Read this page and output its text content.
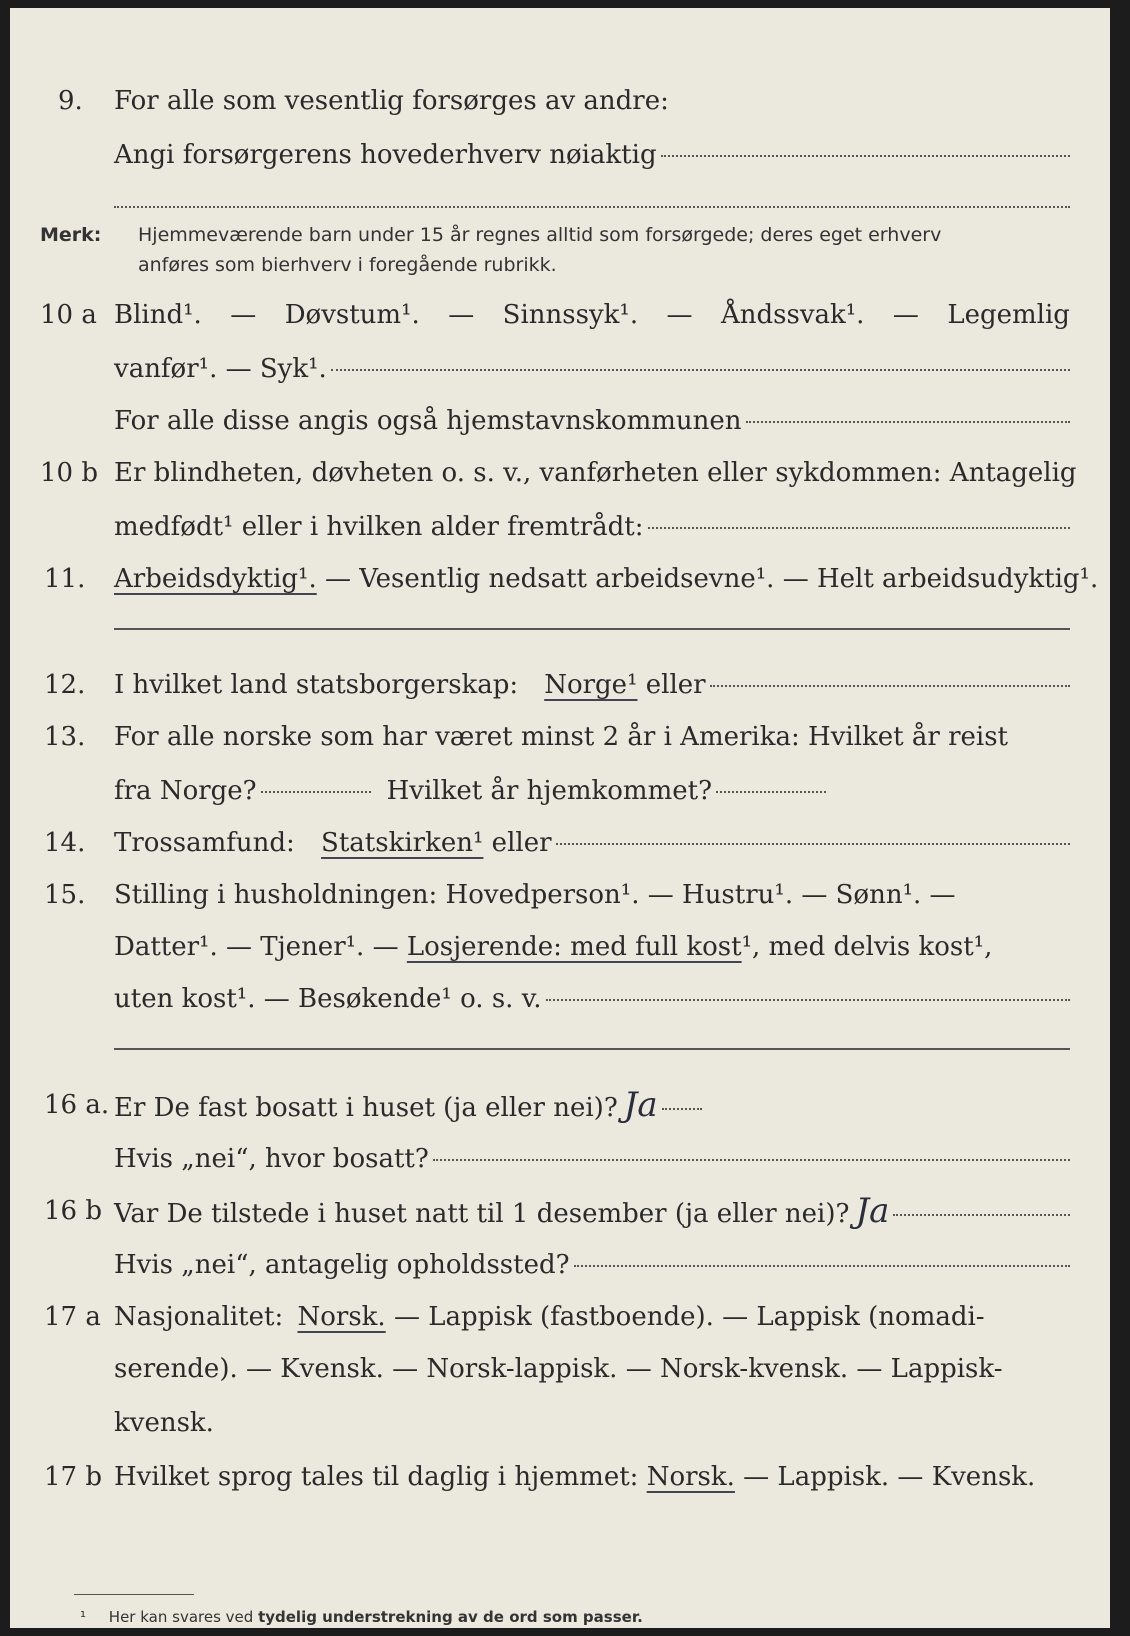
9.	For alle som vesentlig forsørges av andre:
Angi forsørgerens hovederhverv nøiaktig
Merk: Hjemmeværende barn under 15 år regnes alltid som forsørgede; deres eget erhverv
anføres som bierhverv i foregående rubrikk.
10 a Blind¹. — Døvstum¹. — Sinnssyk¹. — Åndssvak¹. — Legemlig
vanfør¹. — Syk¹.
For alle disse angis også hjemstavnskommunen
10 b Er blindheten, døvheten o. s. v., vanførheten eller sykdommen: Antagelig
medfødt¹ eller i hvilken alder fremtrådt:
11.	Arbeidsdyktig¹. — Vesentlig nedsatt arbeidsevne¹. — Helt arbeidsudyktig¹.
12.	I hvilket land statsborgerskap: Norge¹ eller
13.	For alle norske som har været minst 2 år i Amerika: Hvilket år reist
fra Norge?	Hvilket år hjemkommet?
14.	Trossamfund: Statskirken¹ eller
15.	Stilling i husholdningen: Hovedperson¹. — Hustru¹. — Sønn¹. —
Datter¹. — Tjener¹. — Losjerende: med full kost ¹, med delvis kost¹,
uten kost¹. — Besøkende¹ o. s. v.
16 a. Er De fast bosatt i huset (ja eller nei)? Ja
Hvis „nei“, hvor bosatt?
16 b Var De tilstede i huset natt til 1 desember (ja eller nei)? Ja
Hvis „nei“, antagelig opholdssted?
17 a Nasjonalitet: Norsk. — Lappisk (fastboende). — Lappisk (nomadi-
serende). — Kvensk. — Norsk-lappisk. — Norsk-kvensk. — Lappisk-
kvensk.
17 b Hvilket sprog tales til daglig i hjemmet: Norsk. — Lappisk. — Kvensk.
¹ Her kan svares ved tydelig understrekning av de ord som passer.
